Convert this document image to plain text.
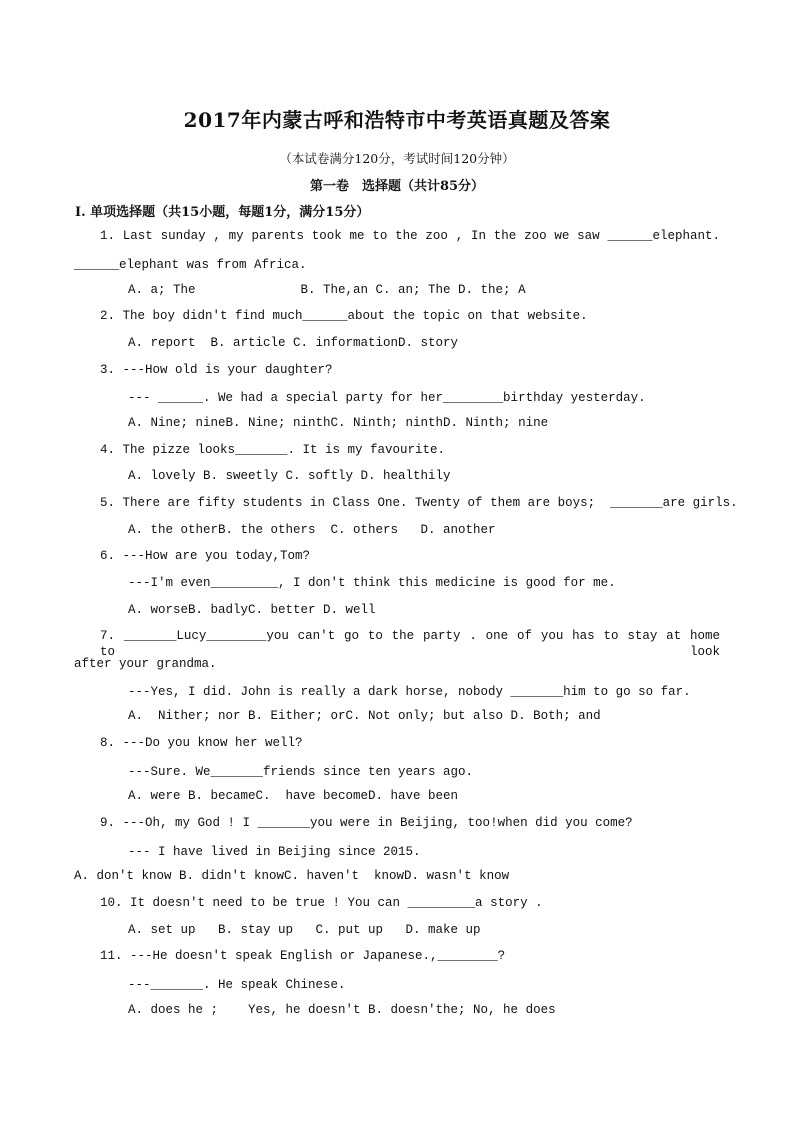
2017年内蒙古呼和浩特市中考英语真题及答案
（本试卷满分120分，考试时间120分钟）
第一卷　选择题（共计85分）
Ⅰ. 单项选择题（共15小题，每题1分，满分15分）
1. Last sunday , my parents took me to the zoo , In the zoo we saw ______elephant.
______elephant was from Africa.
A. a; The              B. The,an C. an; The D. the; A
2. The boy didn't find much______about the topic on that website.
A. report  B. article C. informationD. story
3. ---How old is your daughter?
--- ______. We had a special party for her________birthday yesterday.
A. Nine; nineB. Nine; ninthC. Ninth; ninthD. Ninth; nine
4. The pizze looks_______. It is my favourite.
A. lovely B. sweetly C. softly D. healthily
5. There are fifty students in Class One. Twenty of them are boys;  _______are girls.
A. the otherB. the others  C. others   D. another
6. ---How are you today,Tom?
---I'm even_________, I don't think this medicine is good for me.
A. worseB. badlyC. better D. well
7. _______Lucy________you can't go to the party . one of you has to stay at home to look
after your grandma.
---Yes, I did. John is really a dark horse, nobody _______him to go so far.
A.  Nither; nor B. Either; orC. Not only; but also D. Both; and
8. ---Do you know her well?
---Sure. We_______friends since ten years ago.
A. were B. becameC.  have becomeD. have been
9. ---Oh, my God ! I _______you were in Beijing, too!when did you come?
--- I have lived in Beijing since 2015.
A. don't know B. didn't knowC. haven't  knowD. wasn't know
10. It doesn't need to be true ! You can _________a story .
A. set up   B. stay up   C. put up   D. make up
11. ---He doesn't speak English or Japanese.,________?
---_______. He speak Chinese.
A. does he ;    Yes, he doesn't B. doesn'the; No, he does
